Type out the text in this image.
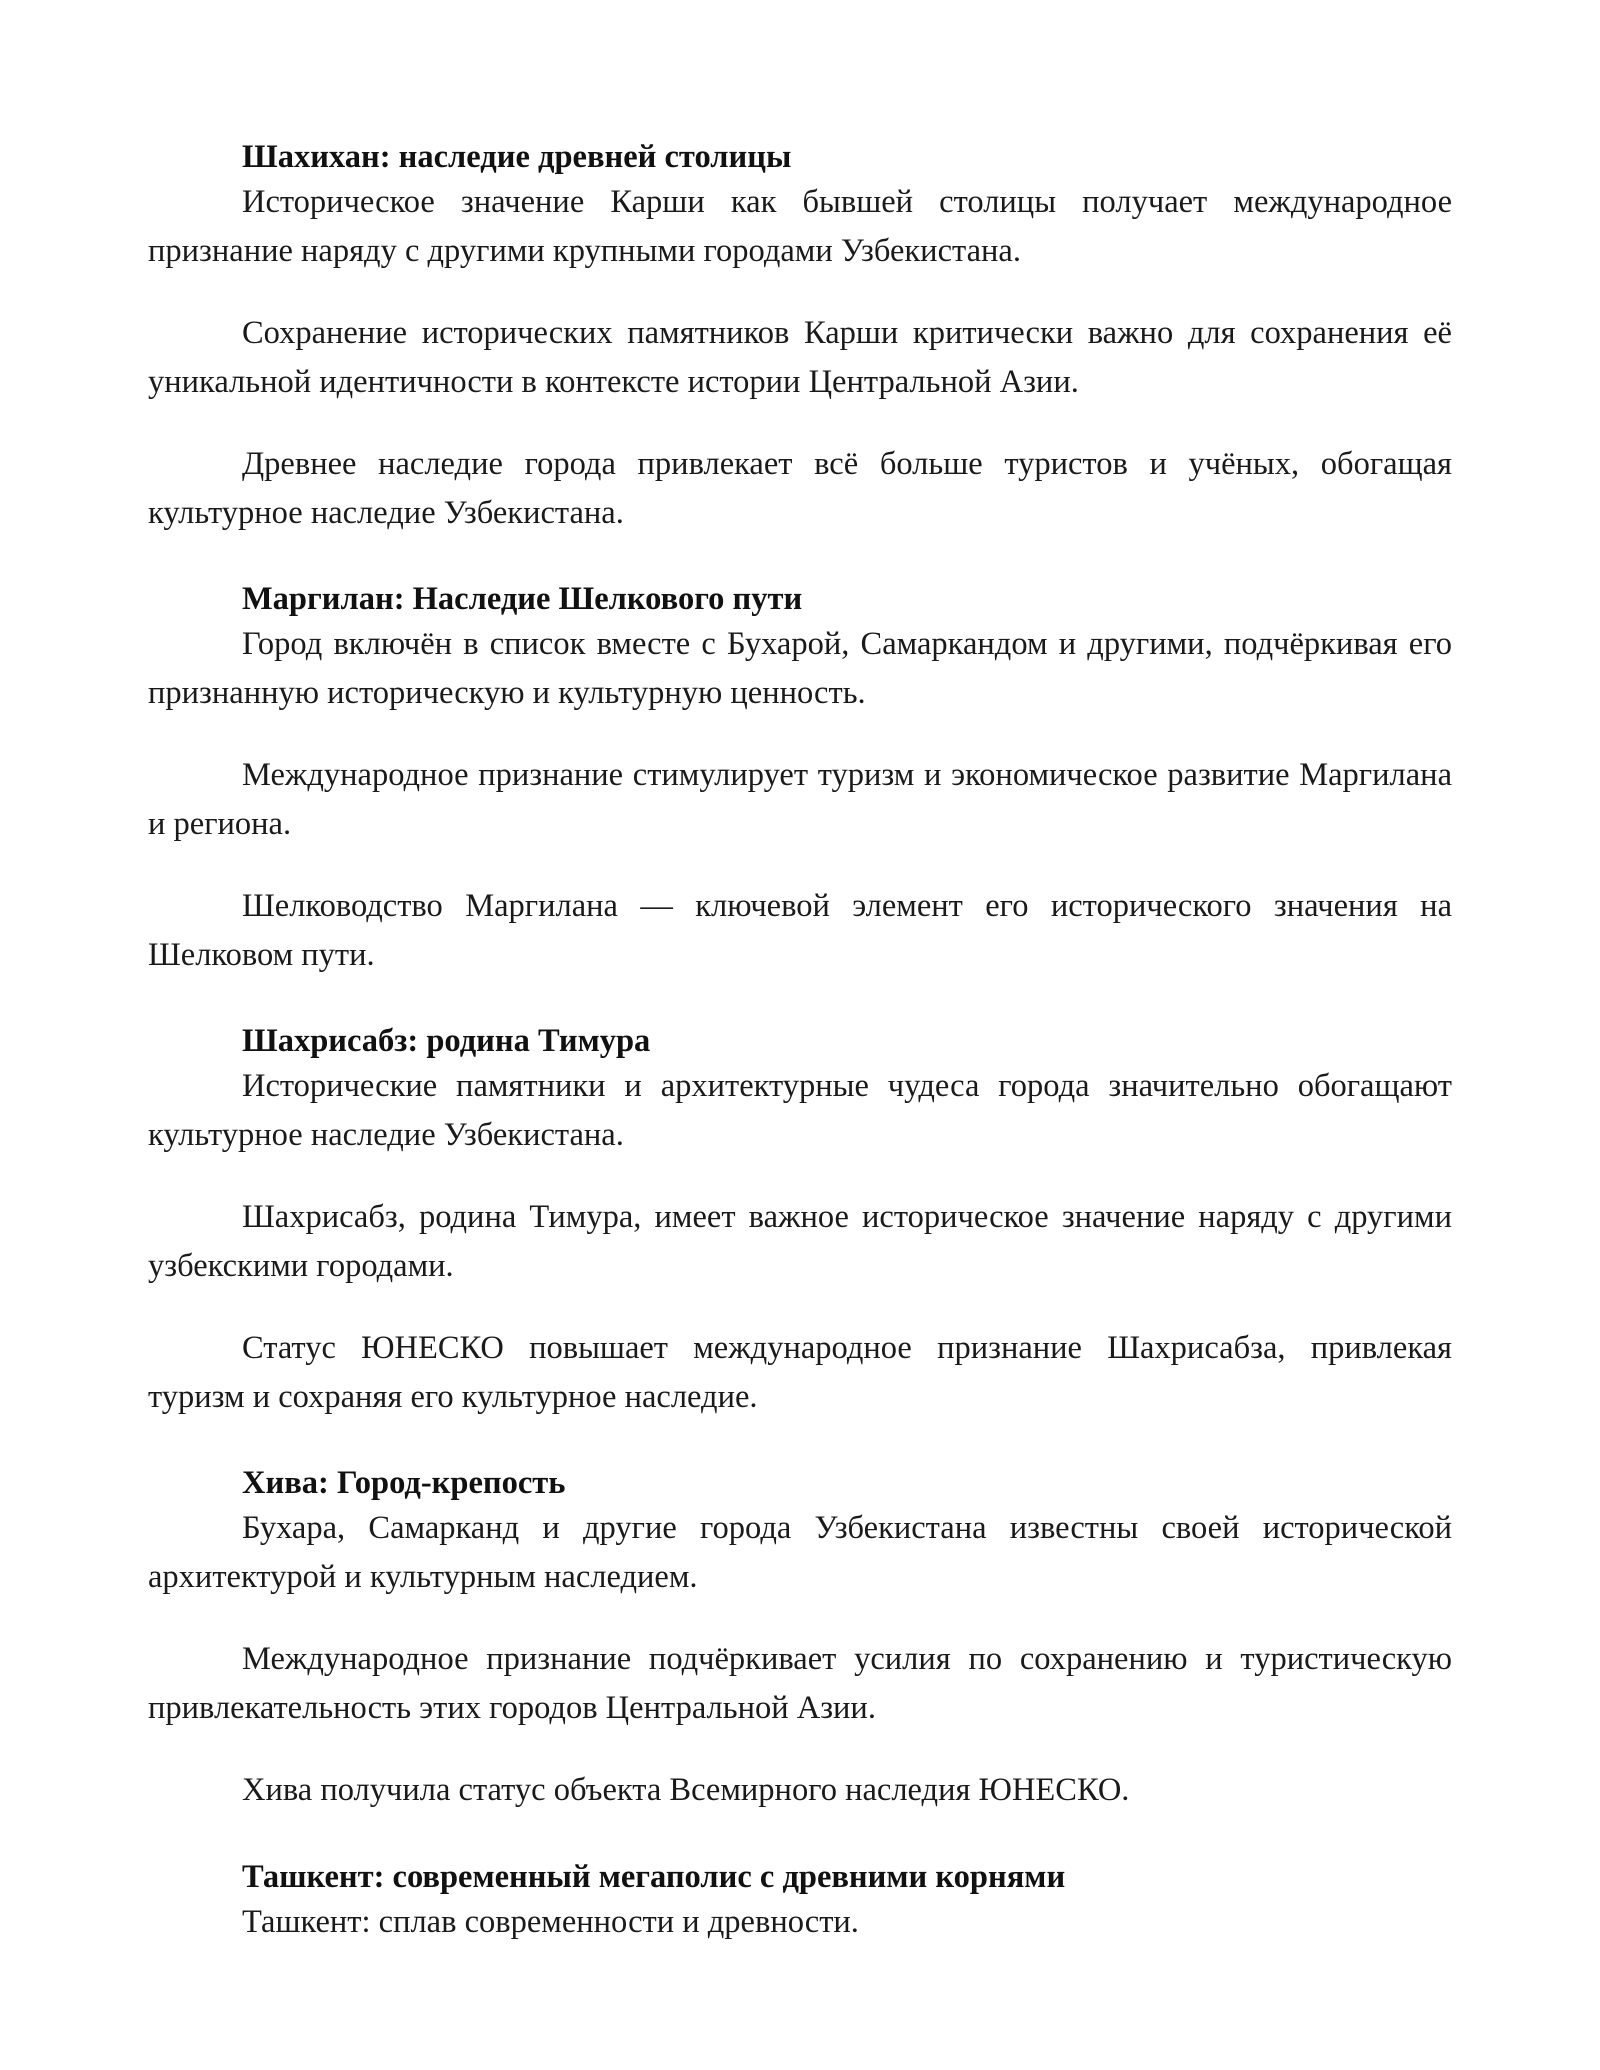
Шахихан: наследие древней столицы

Историческое значение Карши как бывшей столицы получает международное признание наряду с другими крупными городами Узбекистана.

Сохранение исторических памятников Карши критически важно для сохранения её уникальной идентичности в контексте истории Центральной Азии.

Древнее наследие города привлекает всё больше туристов и учёных, обогащая культурное наследие Узбекистана.

Маргилан: Наследие Шелкового пути

Город включён в список вместе с Бухарой, Самаркандом и другими, подчёркивая его признанную историческую и культурную ценность.

Международное признание стимулирует туризм и экономическое развитие Маргилана и региона.

Шелководство Маргилана — ключевой элемент его исторического значения на Шелковом пути.

Шахрисабз: родина Тимура

Исторические памятники и архитектурные чудеса города значительно обогащают культурное наследие Узбекистана.

Шахрисабз, родина Тимура, имеет важное историческое значение наряду с другими узбекскими городами.

Статус ЮНЕСКО повышает международное признание Шахрисабза, привлекая туризм и сохраняя его культурное наследие.

Хива: Город-крепость

Бухара, Самарканд и другие города Узбекистана известны своей исторической архитектурой и культурным наследием.

Международное признание подчёркивает усилия по сохранению и туристическую привлекательность этих городов Центральной Азии.

Хива получила статус объекта Всемирного наследия ЮНЕСКО.

Ташкент: современный мегаполис с древними корнями

Ташкент: сплав современности и древности.
